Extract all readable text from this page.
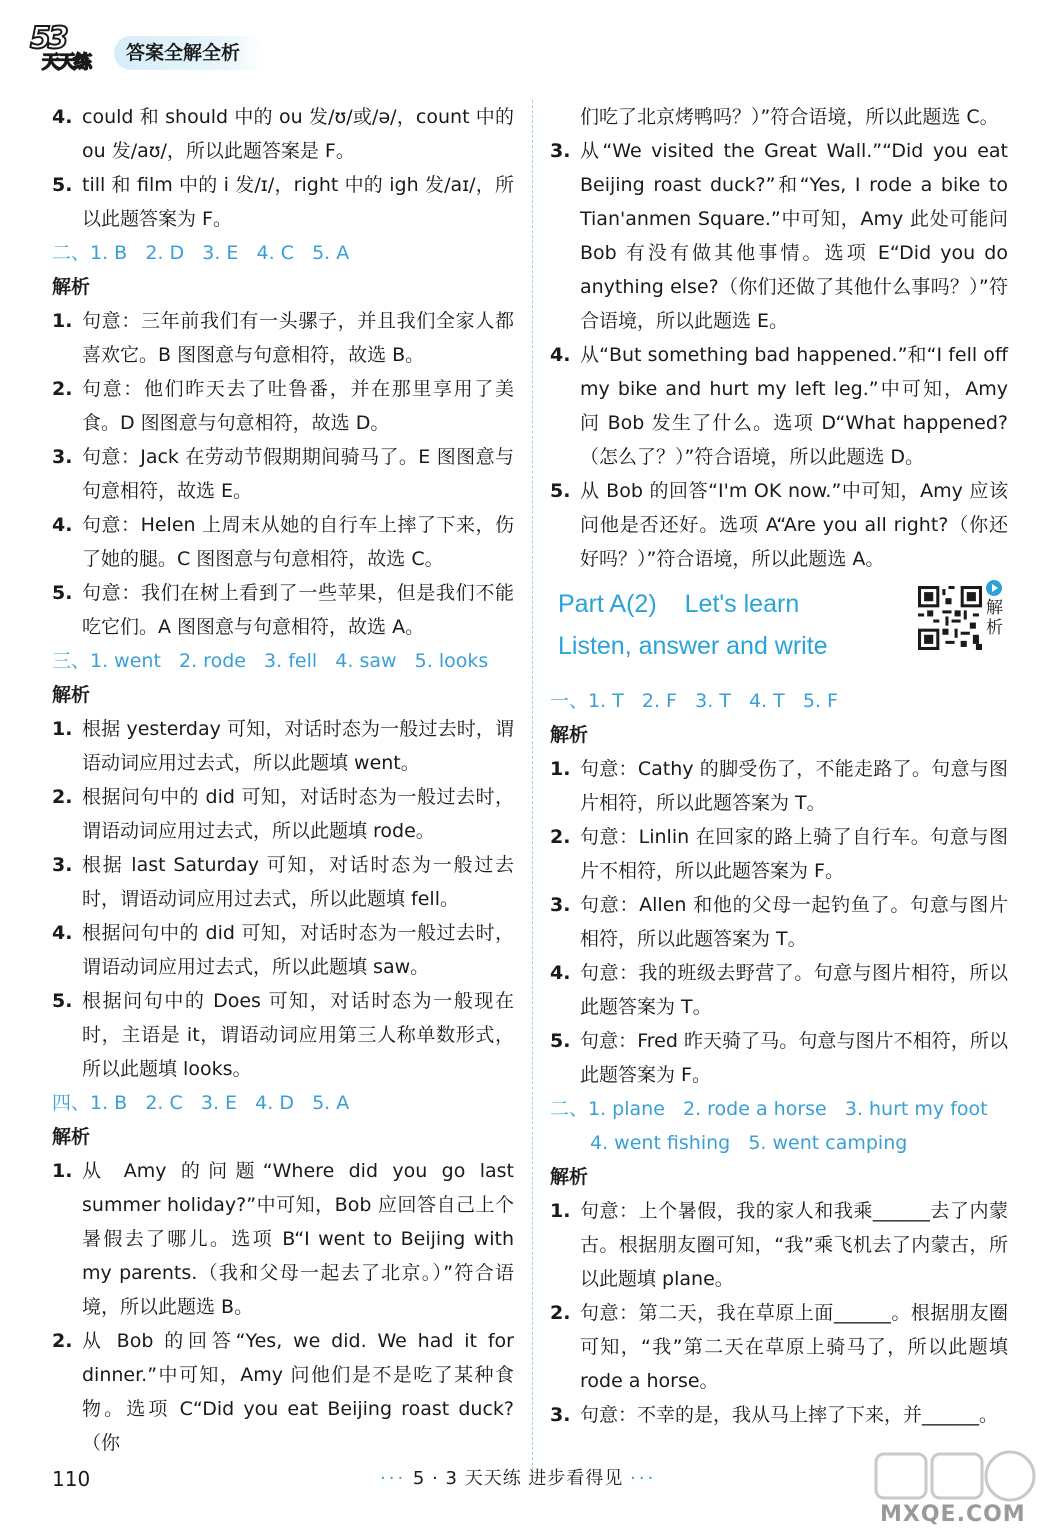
53
天天练	答案全解全析
4. could 和 should 中的 ou 发/ʊ/或/ə/，count 中的 ou 发/aʊ/，所以此题答案是 F。
5. till 和 film 中的 i 发/ɪ/，right 中的 igh 发/aɪ/，所以此题答案为 F。

二、1. B   2. D   3. E   4. C   5. A

解析

1. 句意：三年前我们有一头骡子，并且我们全家人都喜欢它。B 图图意与句意相符，故选 B。
2. 句意：他们昨天去了吐鲁番，并在那里享用了美食。D 图图意与句意相符，故选 D。
3. 句意：Jack 在劳动节假期期间骑马了。E 图图意与句意相符，故选 E。
4. 句意：Helen 上周末从她的自行车上摔了下来，伤了她的腿。C 图图意与句意相符，故选 C。
5. 句意：我们在树上看到了一些苹果，但是我们不能吃它们。A 图图意与句意相符，故选 A。

三、1. went   2. rode   3. fell   4. saw   5. looks

解析

1. 根据 yesterday 可知，对话时态为一般过去时，谓语动词应用过去式，所以此题填 went。
2. 根据问句中的 did 可知，对话时态为一般过去时，谓语动词应用过去式，所以此题填 rode。
3. 根据 last Saturday 可知，对话时态为一般过去时，谓语动词应用过去式，所以此题填 fell。
4. 根据问句中的 did 可知，对话时态为一般过去时，谓语动词应用过去式，所以此题填 saw。
5. 根据问句中的 Does 可知，对话时态为一般现在时，主语是 it，谓语动词应用第三人称单数形式，所以此题填 looks。

四、1. B   2. C   3. E   4. D   5. A

解析

1. 从 Amy 的问题“Where did you go last summer holiday?”中可知，Bob 应回答自己上个暑假去了哪儿。选项 B“I went to Beijing with my parents.（我和父母一起去了北京。）”符合语境，所以此题选 B。
2. 从 Bob 的回答“Yes, we did. We had it for dinner.”中可知，Amy 问他们是不是吃了某种食物。选项 C“Did you eat Beijing roast duck?（你

们吃了北京烤鸭吗？）”符合语境，所以此题选 C。

3. 从“We visited the Great Wall.”“Did you eat Beijing roast duck?”和“Yes, I rode a bike to Tian'anmen Square.”中可知，Amy 此处可能问 Bob 有没有做其他事情。选项 E“Did you do anything else?（你们还做了其他什么事吗？）”符合语境，所以此题选 E。
4. 从“But something bad happened.”和“I fell off my bike and hurt my left leg.”中可知，Amy 问 Bob 发生了什么。选项 D“What happened?（怎么了？）”符合语境，所以此题选 D。
5. 从 Bob 的回答“I'm OK now.”中可知，Amy 应该问他是否还好。选项 A“Are you all right?（你还好吗？）”符合语境，所以此题选 A。
Part A(2) Let's learn
Listen, answer and write
解析

一、1. T   2. F   3. T   4. T   5. F

解析

1. 句意：Cathy 的脚受伤了，不能走路了。句意与图片相符，所以此题答案为 T。
2. 句意：Linlin 在回家的路上骑了自行车。句意与图片不相符，所以此题答案为 F。
3. 句意：Allen 和他的父母一起钓鱼了。句意与图片相符，所以此题答案为 T。
4. 句意：我的班级去野营了。句意与图片相符，所以此题答案为 T。
5. 句意：Fred 昨天骑了马。句意与图片不相符，所以此题答案为 F。

二、1. plane   2. rode a horse   3. hurt my foot

4. went fishing   5. went camping

解析

1. 句意：上个暑假，我的家人和我乘______去了内蒙古。根据朋友圈可知，“我”乘飞机去了内蒙古，所以此题填 plane。
2. 句意：第二天，我在草原上面______。根据朋友圈可知，“我”第二天在草原上骑马了，所以此题填 rode a horse。
3. 句意：不幸的是，我从马上摔了下来，并______。
110	··· 5 · 3 天天练 进步看得见 ···
MXQE.COM
